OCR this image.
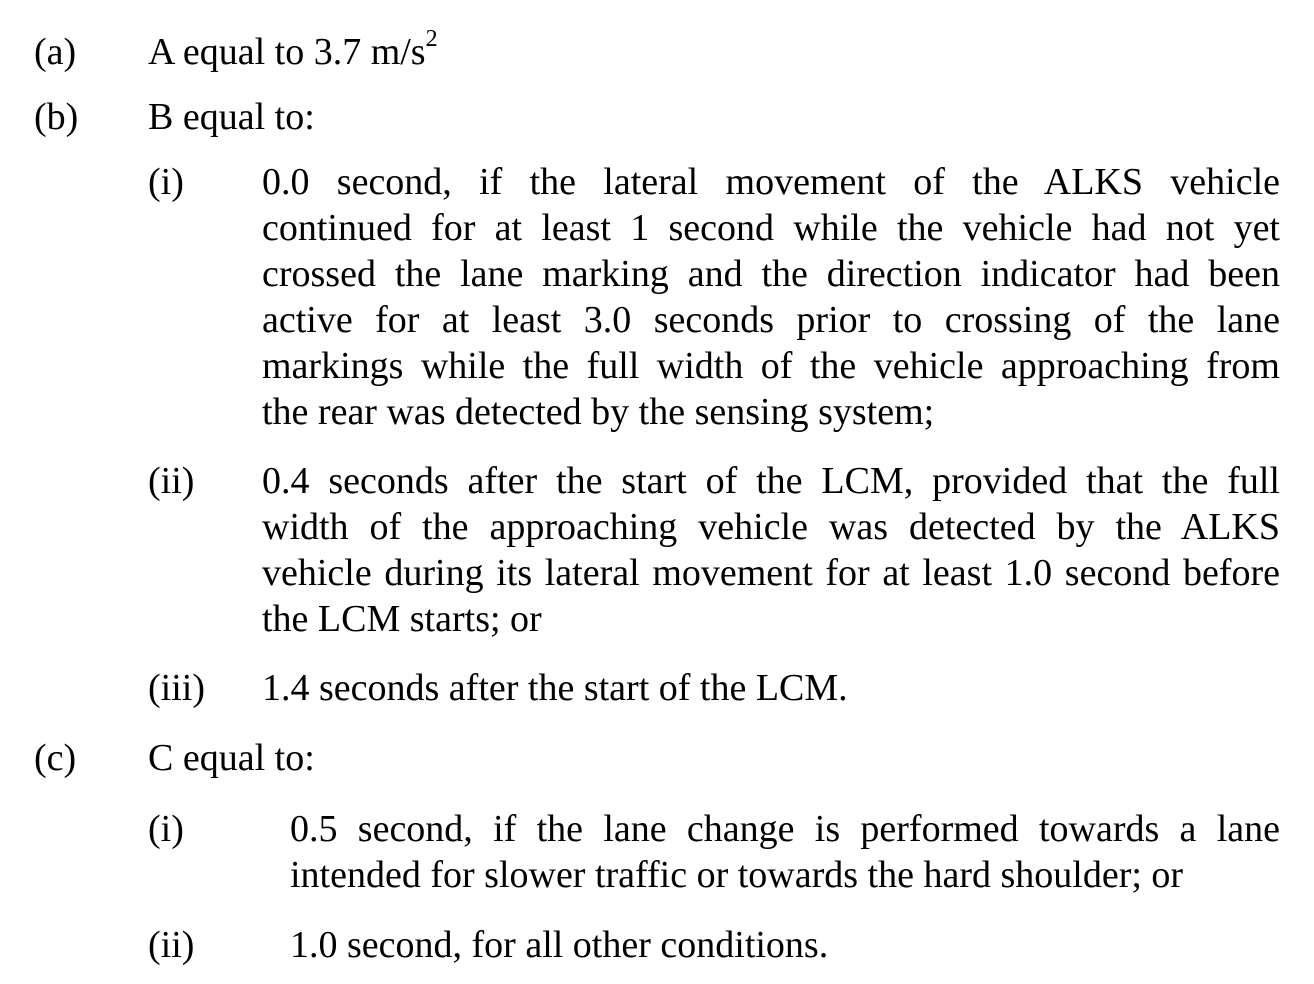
(a) A equal to 3.7 $m/s^2$
(b) B equal to:
(i) 0.0 second, if the lateral movement of the ALKS vehicle
continued for at least 1 second while the vehicle had not yet
crossed the lane marking and the direction indicator had been
active for at least 3.0 seconds prior to crossing of the lane
markings while the full width of the vehicle approaching from
the rear was detected by the sensing system;
(ii) 0.4 seconds after the start of the LCM, provided that the full
width of the approaching vehicle was detected by the ALKS
vehicle during its lateral movement for at least 1.0 second before
the LCM starts; or
(iii) 1.4 seconds after the start of the LCM.
(c) C equal to:
(i)	0.5 second, if the lane change is performed towards a lane
intended for slower traffic or towards the hard shoulder; or
(ii)	1.0 second, for all other conditions.
